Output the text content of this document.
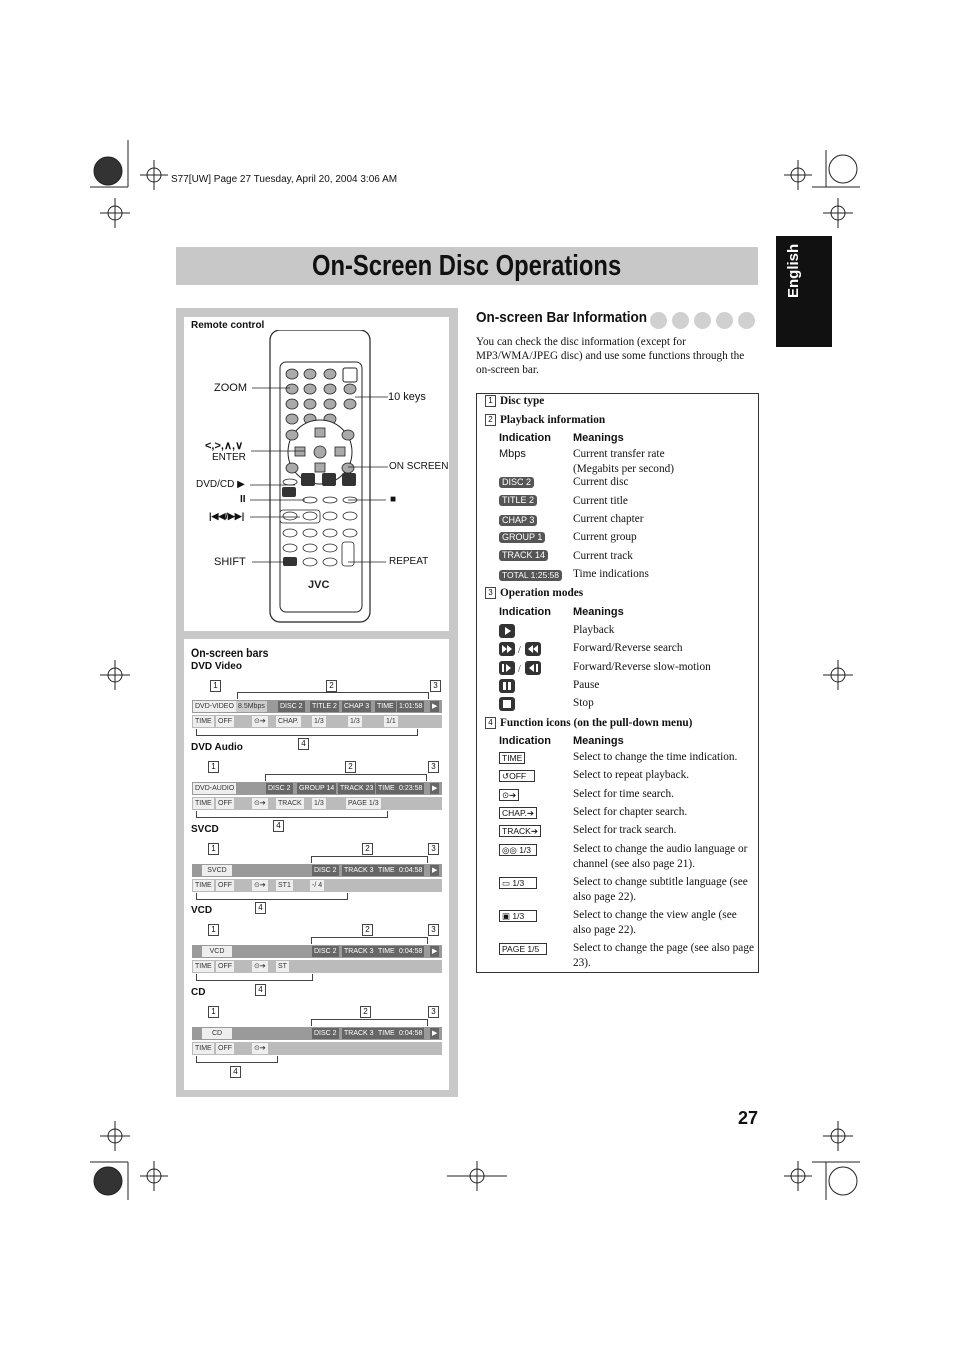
S77[UW] Page 27 Tuesday, April 20, 2004 3:06 AM
On-Screen Disc Operations	English
Remote control
JVC
ZOOM
10 keys
<,>,∧,∨
ENTER
ON SCREEN
DVD/CD ▶
II	■
|◀◀/▶▶|
SHIFT	REPEAT
On-screen bars
DVD Video
1	2	3
DVD-VIDEO 8.5Mbps DISC 2 TITLE 2 CHAP 3 TIME 1:01:58 ▶
TIME OFF	⊙➔ CHAP. 1/3	1/3	1/1
4
DVD Audio
1	2	3
DVD-AUDIO	DISC 2 GROUP 14 TRACK 23 TIME 0:23:58 ▶
TIME OFF	⊙➔ TRACK 1/3	PAGE 1/3
4
SVCD
1	2	3
SVCD	DISC 2 TRACK 3 TIME 0:04:58 ▶
TIME OFF	⊙➔ ST1	-/ 4
4
VCD
1	2	3
VCD	DISC 2 TRACK 3 TIME 0:04:58 ▶
TIME OFF	⊙➔ ST
4
CD
1	2	3
CD	DISC 2 TRACK 3 TIME 0:04:58 ▶
TIME OFF	⊙➔
4
On-screen Bar Information
You can check the disc information (except for MP3/WMA/JPEG disc) and use some functions through the on-screen bar.
1 Disc type
2 Playback information
Indication Meanings
Mbps	Current transfer rate (Megabits per second)
DISC 2	Current disc
TITLE 2	Current title
CHAP 3	Current chapter
GROUP 1	Current group
TRACK 14 Current track
TOTAL 1:25:58 Time indications
3 Operation modes
Indication Meanings
Playback
/	Forward/Reverse search
/	Forward/Reverse slow-motion
Pause
Stop
4 Function icons (on the pull-down menu)
Indication Meanings
TIME	Select to change the time indication.
↺OFF	Select to repeat playback.
⊙➔	Select for time search.
CHAP.➔	Select for chapter search.
TRACK➔	Select for track search.
◎◎ 1/3	Select to change the audio language or channel (see also page 21).
▭ 1/3	Select to change subtitle language (see also page 22).
▣ 1/3	Select to change the view angle (see also page 22).
PAGE 1/5	Select to change the page (see also page 23).
27
